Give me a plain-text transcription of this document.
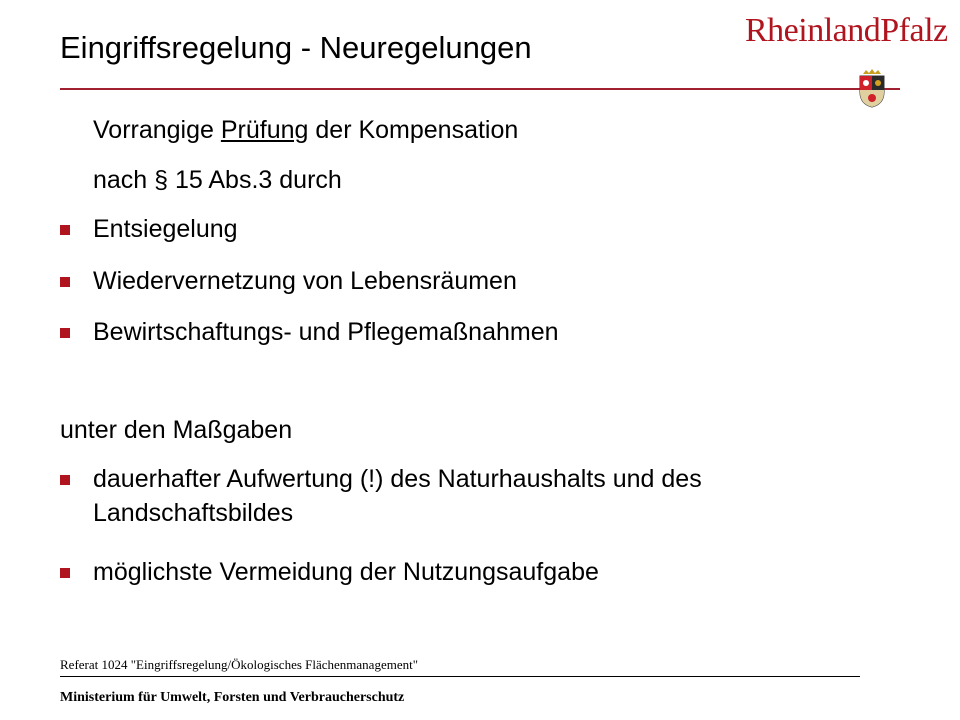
Eingriffsregelung - Neuregelungen	RheinlandPfalz
Vorrangige Prüfung der Kompensation
nach § 15 Abs.3 durch
Entsiegelung
Wiedervernetzung von Lebensräumen
Bewirtschaftungs- und Pflegemaßnahmen
unter den Maßgaben
dauerhafter Aufwertung (!) des Naturhaushalts und des Landschaftsbildes
möglichste Vermeidung der Nutzungsaufgabe
Referat 1024 "Eingriffsregelung/Ökologisches Flächenmanagement"
Ministerium für Umwelt, Forsten und Verbraucherschutz
